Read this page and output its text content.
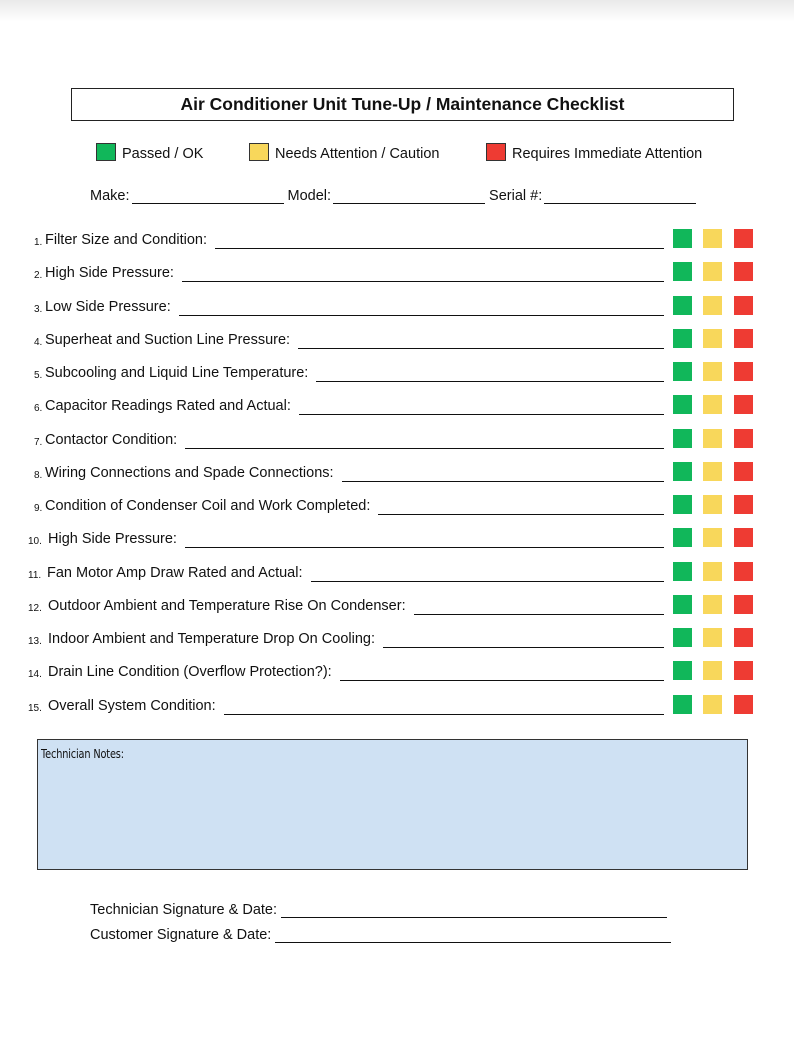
Air Conditioner Unit Tune-Up / Maintenance Checklist
Passed / OK	Needs Attention / Caution	Requires Immediate Attention
Make:	Model:	Serial #:
1. Filter Size and Condition:
2. High Side Pressure:
3. Low Side Pressure:
4. Superheat and Suction Line Pressure:
5. Subcooling and Liquid Line Temperature:
6. Capacitor Readings Rated and Actual:
7. Contactor Condition:
8. Wiring Connections and Spade Connections:
9. Condition of Condenser Coil and Work Completed:
10. High Side Pressure:
11. Fan Motor Amp Draw Rated and Actual:
12. Outdoor Ambient and Temperature Rise On Condenser:
13. Indoor Ambient and Temperature Drop On Cooling:
14. Drain Line Condition (Overflow Protection?):
15. Overall System Condition:
Technician Notes:
Technician Signature & Date:
Customer Signature & Date:
